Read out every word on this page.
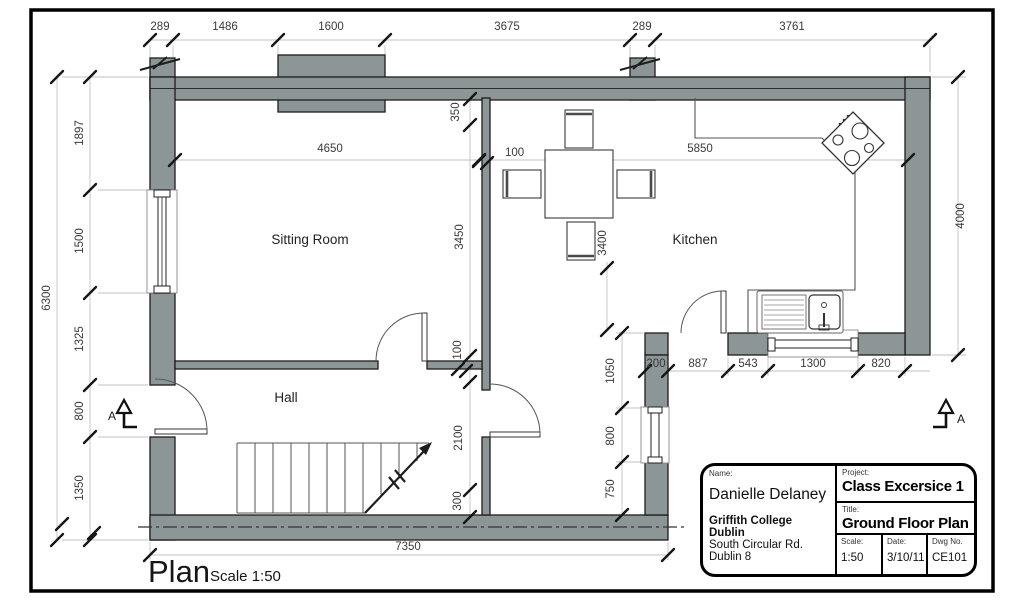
289	1486	1600	3675	289	3761
6300
1897
1500
1325
800
1350
4000
7350
200 887	543	1300	820
1050
800
750
4650	5850
100
350
3450	3400
100
2100
300
Sitting Room
Hall
Kitchen
A	A
Plan Scale 1:50
Name:
Danielle Delaney
Griffith College Dublin
South Circular Rd.
Dublin 8
Project:
Class Excersice 1
Title:
Ground Floor Plan
Scale:
1:50
Date:
3/10/11
Dwg No.
CE101
